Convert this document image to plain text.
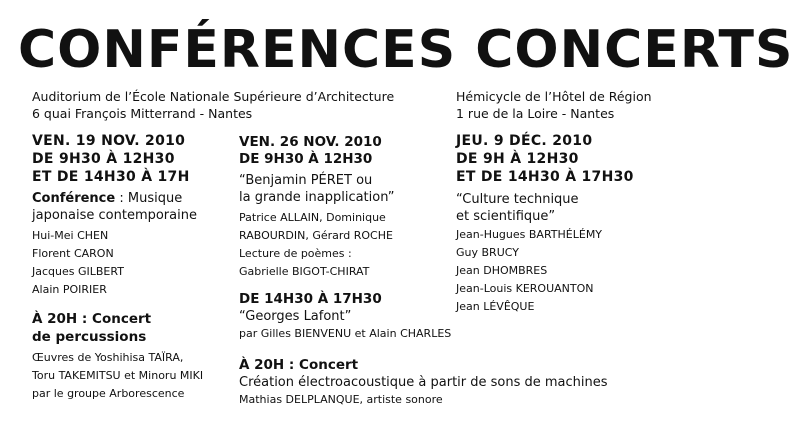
CONFÉRENCES CONCERTS
Auditorium de l’École Nationale Supérieure d’Architecture
6 quai François Mitterrand - Nantes
Hémicycle de l’Hôtel de Région
1 rue de la Loire - Nantes
VEN. 19 NOV. 2010
DE 9H30 À 12H30
ET DE 14H30 À 17H
Conférence : Musique
japonaise contemporaine
Hui-Mei CHEN
Florent CARON
Jacques GILBERT
Alain POIRIER
À 20H : Concert
de percussions
Œuvres de Yoshihisa TAÏRA,
Toru TAKEMITSU et Minoru MIKI
par le groupe Arborescence
VEN. 26 NOV. 2010
DE 9H30 À 12H30
“Benjamin PÉRET ou
la grande inapplication”
Patrice ALLAIN, Dominique
RABOURDIN, Gérard ROCHE
Lecture de poèmes :
Gabrielle BIGOT-CHIRAT
DE 14H30 À 17H30
“Georges Lafont”
par Gilles BIENVENU et Alain CHARLES
À 20H : Concert
Création électroacoustique à partir de sons de machines
Mathias DELPLANQUE, artiste sonore
JEU. 9 DÉC. 2010
DE 9H À 12H30
ET DE 14H30 À 17H30
“Culture technique
et scientifique”
Jean-Hugues BARTHÉLÉMY
Guy BRUCY
Jean DHOMBRES
Jean-Louis KEROUANTON
Jean LÉVÊQUE
